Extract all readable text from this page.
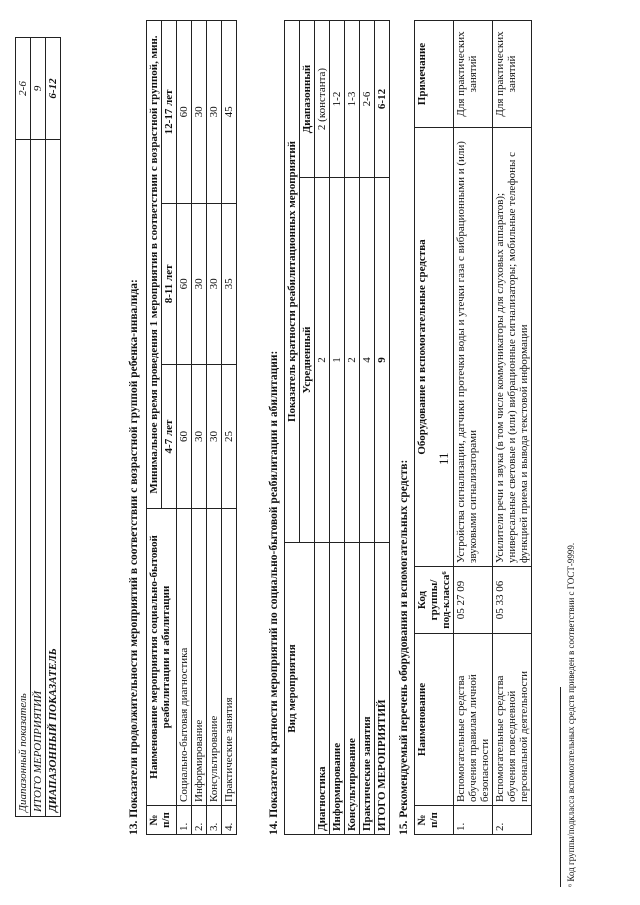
11
Диапазонный показатель	2-6
ИТОГО МЕРОПРИЯТИЙ	9
ДИАПАЗОННЫЙ ПОКАЗАТЕЛЬ	6-12
13. Показатели продолжительности мероприятий в соответствии с возрастной группой ребенка-инвалида: № п/п	Наименование мероприятия социально-бытовой реабилитации и абилитации	Минимальное время проведения 1 мероприятия в соответствии с возрастной группой, мин.		
		4-7 лет	8-11 лет	12-17 лет
1.	Социально-бытовая диагностика	60	60	60
2.	Информирование	30	30	30
3.	Консультирование	30	30	30
4.	Практические занятия	25	35	45
14. Показатели кратности мероприятий по социально-бытовой реабилитации и абилитации: Вид мероприятия	Показатель кратности реабилитационных мероприятий	
	Усредненный	Диапазонный
Диагностика	2	2 (константа)
Информирование	1	1-2
Консультирование	2	1-3
Практические занятия	4	2-6
ИТОГО МЕРОПРИЯТИЙ	9	6-12
15. Рекомендуемый перечень оборудования и вспомогательных средств: № п/п	Наименование	Код группы/под-класса⁶	Оборудование и вспомогательные средства	Примечание
1.	Вспомогательные средства обучения правилам личной безопасности	05 27 09	Устройства сигнализации, датчики протечки воды и утечки газа с вибрационными и (или) звуковыми сигнализаторами	Для практических занятий
2.	Вспомогательные средства обучения повседневной персональной деятельности	05 33 06	Усилители речи и звука (в том числе коммуникаторы для слуховых аппаратов); универсальные световые и (или) вибрационные сигнализаторы; мобильные телефоны с функцией приема и вывода текстовой информации	Для практических занятий
⁶ Код группы/подкласса вспомогательных средств приведен в соответствии с ГОСТ-9999.
